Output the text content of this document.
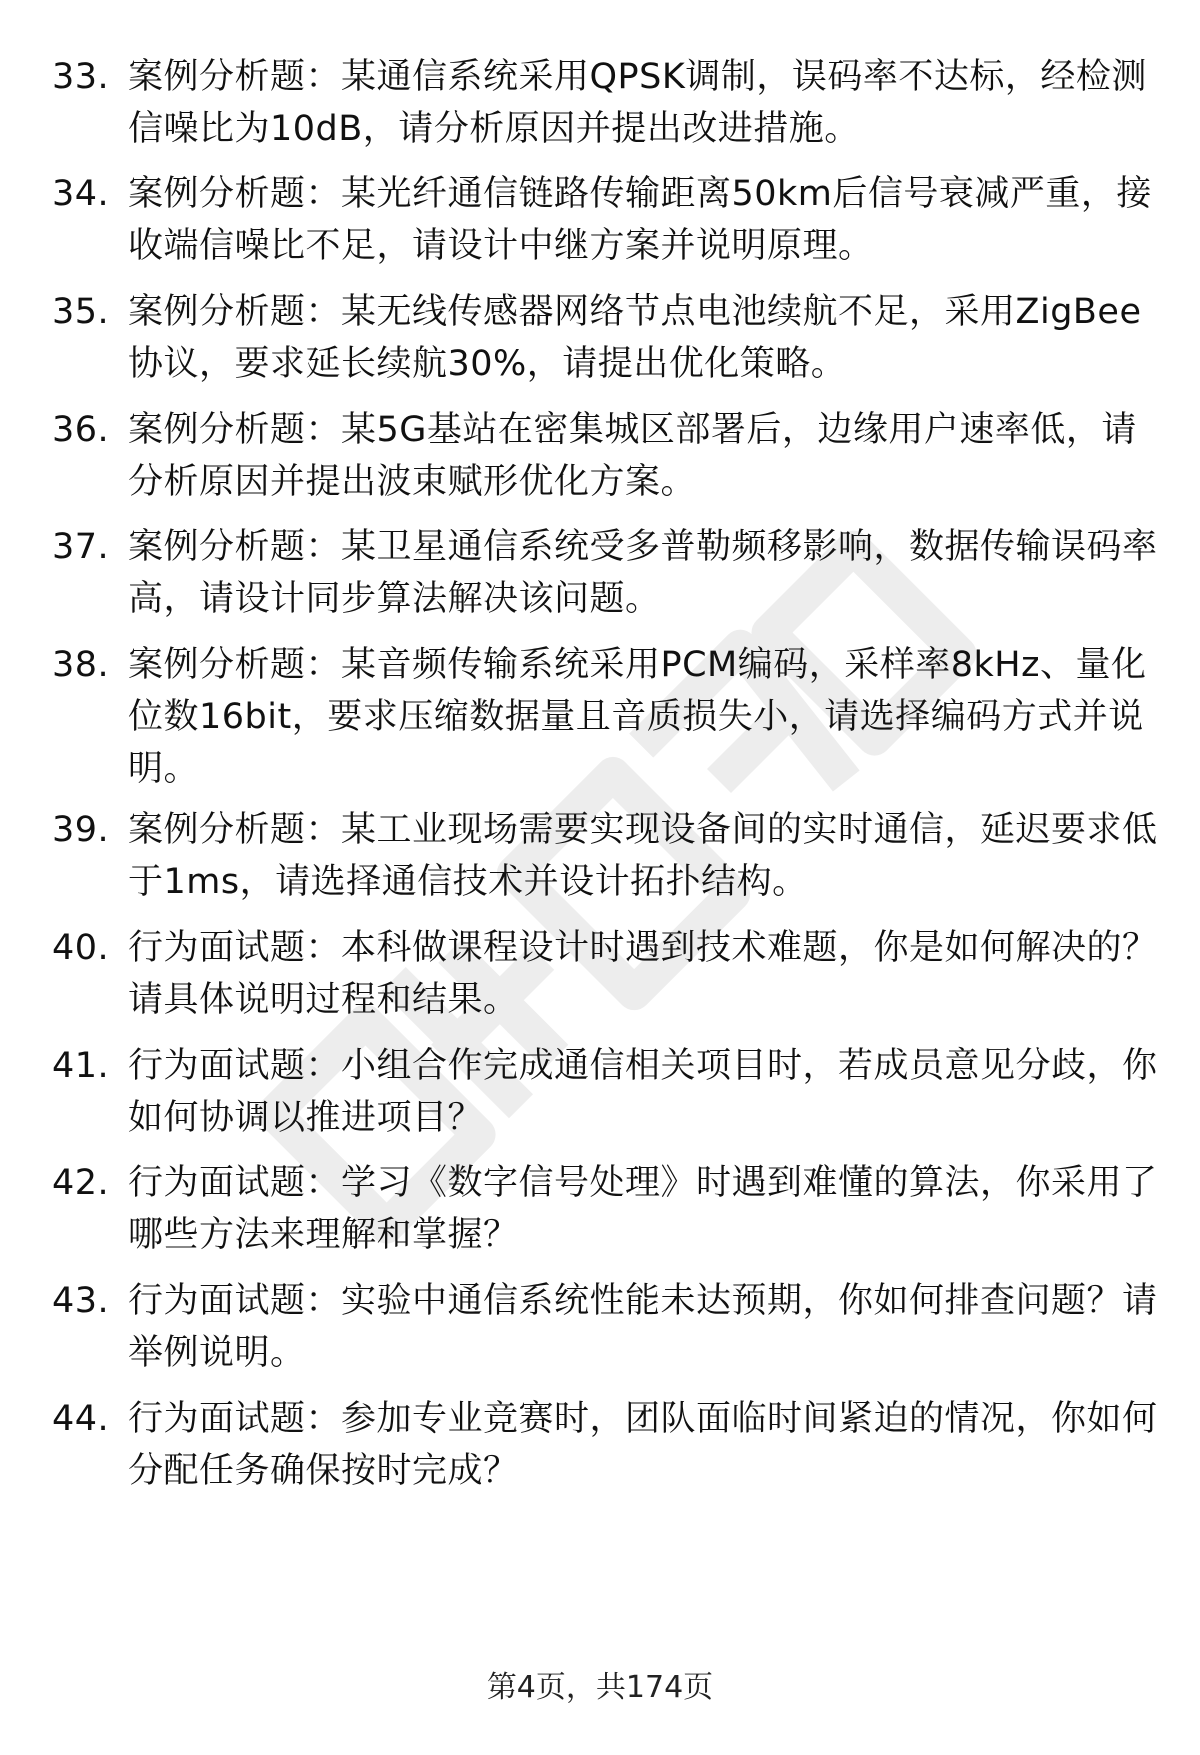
33. 案例分析题：某通信系统采用QPSK调制，误码率不达标，经检测信噪比为10dB，请分析原因并提出改进措施。
34. 案例分析题：某光纤通信链路传输距离50km后信号衰减严重，接收端信噪比不足，请设计中继方案并说明原理。
35. 案例分析题：某无线传感器网络节点电池续航不足，采用ZigBee协议，要求延长续航30%，请提出优化策略。
36. 案例分析题：某5G基站在密集城区部署后，边缘用户速率低，请分析原因并提出波束赋形优化方案。
37. 案例分析题：某卫星通信系统受多普勒频移影响，数据传输误码率高，请设计同步算法解决该问题。
38. 案例分析题：某音频传输系统采用PCM编码，采样率8kHz、量化位数16bit，要求压缩数据量且音质损失小，请选择编码方式并说明。
39. 案例分析题：某工业现场需要实现设备间的实时通信，延迟要求低于1ms，请选择通信技术并设计拓扑结构。
40. 行为面试题：本科做课程设计时遇到技术难题，你是如何解决的？请具体说明过程和结果。
41. 行为面试题：小组合作完成通信相关项目时，若成员意见分歧，你如何协调以推进项目？
42. 行为面试题：学习《数字信号处理》时遇到难懂的算法，你采用了哪些方法来理解和掌握？
43. 行为面试题：实验中通信系统性能未达预期，你如何排查问题？请举例说明。
44. 行为面试题：参加专业竞赛时，团队面临时间紧迫的情况，你如何分配任务确保按时完成？
第4页，共174页
